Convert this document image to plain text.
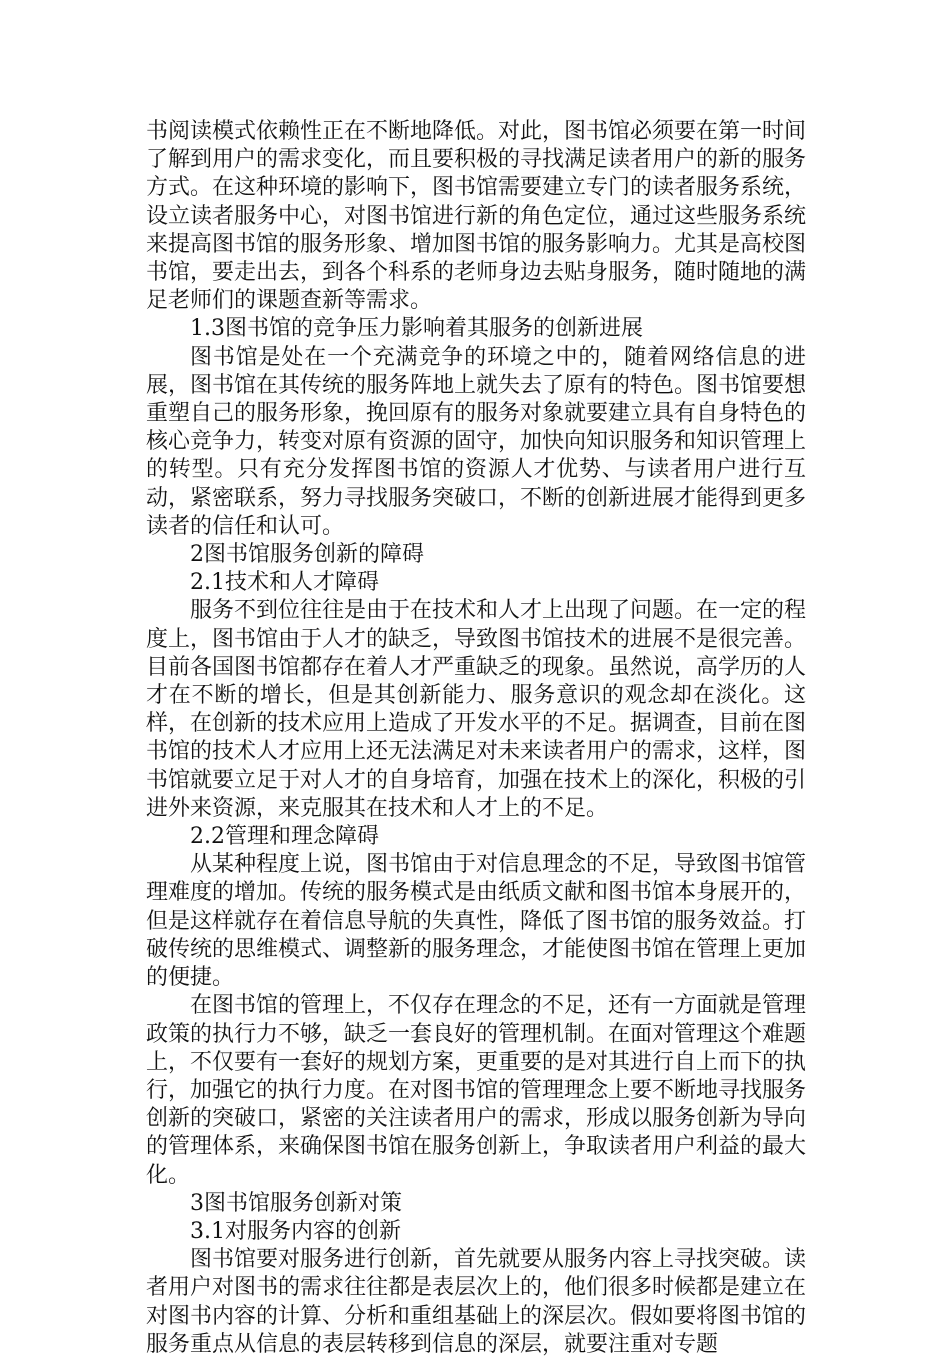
书阅读模式依赖性正在不断地降低。对此，图书馆必须要在第一时间了解到用户的需求变化，而且要积极的寻找满足读者用户的新的服务方式。在这种环境的影响下，图书馆需要建立专门的读者服务系统，设立读者服务中心，对图书馆进行新的角色定位，通过这些服务系统来提高图书馆的服务形象、增加图书馆的服务影响力。尤其是高校图书馆，要走出去，到各个科系的老师身边去贴身服务，随时随地的满足老师们的课题查新等需求。

1.3图书馆的竞争压力影响着其服务的创新进展

图书馆是处在一个充满竞争的环境之中的，随着网络信息的进展，图书馆在其传统的服务阵地上就失去了原有的特色。图书馆要想重塑自己的服务形象，挽回原有的服务对象就要建立具有自身特色的核心竞争力，转变对原有资源的固守，加快向知识服务和知识管理上的转型。只有充分发挥图书馆的资源人才优势、与读者用户进行互动，紧密联系，努力寻找服务突破口，不断的创新进展才能得到更多读者的信任和认可。

2图书馆服务创新的障碍

2.1技术和人才障碍

服务不到位往往是由于在技术和人才上出现了问题。在一定的程度上，图书馆由于人才的缺乏，导致图书馆技术的进展不是很完善。目前各国图书馆都存在着人才严重缺乏的现象。虽然说，高学历的人才在不断的增长，但是其创新能力、服务意识的观念却在淡化。这样，在创新的技术应用上造成了开发水平的不足。据调查，目前在图书馆的技术人才应用上还无法满足对未来读者用户的需求，这样，图书馆就要立足于对人才的自身培育，加强在技术上的深化，积极的引进外来资源，来克服其在技术和人才上的不足。

2.2管理和理念障碍

从某种程度上说，图书馆由于对信息理念的不足，导致图书馆管理难度的增加。传统的服务模式是由纸质文献和图书馆本身展开的，但是这样就存在着信息导航的失真性，降低了图书馆的服务效益。打破传统的思维模式、调整新的服务理念，才能使图书馆在管理上更加的便捷。

在图书馆的管理上，不仅存在理念的不足，还有一方面就是管理政策的执行力不够，缺乏一套良好的管理机制。在面对管理这个难题上，不仅要有一套好的规划方案，更重要的是对其进行自上而下的执行，加强它的执行力度。在对图书馆的管理理念上要不断地寻找服务创新的突破口，紧密的关注读者用户的需求，形成以服务创新为导向的管理体系，来确保图书馆在服务创新上，争取读者用户利益的最大化。

3图书馆服务创新对策

3.1对服务内容的创新

图书馆要对服务进行创新，首先就要从服务内容上寻找突破。读者用户对图书的需求往往都是表层次上的，他们很多时候都是建立在对图书内容的计算、分析和重组基础上的深层次。假如要将图书馆的服务重点从信息的表层转移到信息的深层，就要注重对专题
